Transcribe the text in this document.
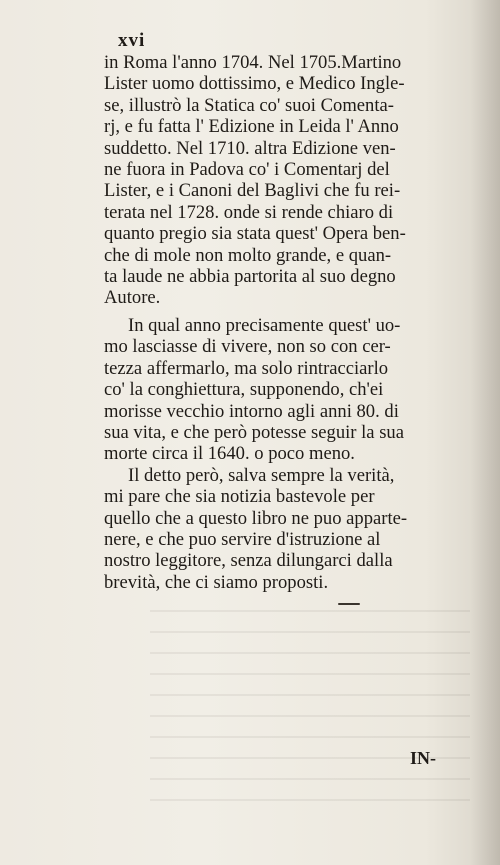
xvi
in Roma l'anno 1704. Nel 1705.Martino
Lister uomo dottissimo, e Medico Ingle-
se, illustrò la Statica co' suoi Comenta-
rj, e fu fatta l' Edizione in Leida l' Anno
suddetto. Nel 1710. altra Edizione ven-
ne fuora in Padova co' i Comentarj del
Lister, e i Canoni del Baglivi che fu rei-
terata nel 1728. onde si rende chiaro di
quanto pregio sia stata quest' Opera ben-
che di mole non molto grande, e quan-
ta laude ne abbia partorita al suo degno
Autore.
In qual anno precisamente quest' uo-
mo lasciasse di vivere, non so con cer-
tezza affermarlo, ma solo rintracciarlo
co' la conghiettura, supponendo, ch'ei
morisse vecchio intorno agli anni 80. di
sua vita, e che però potesse seguir la sua
morte circa il 1640. o poco meno.
Il detto però, salva sempre la verità,
mi pare che sia notizia bastevole per
quello che a questo libro ne puo apparte-
nere, e che puo servire d'istruzione al
nostro leggitore, senza dilungarci dalla
brevità, che ci siamo proposti.
IN-
